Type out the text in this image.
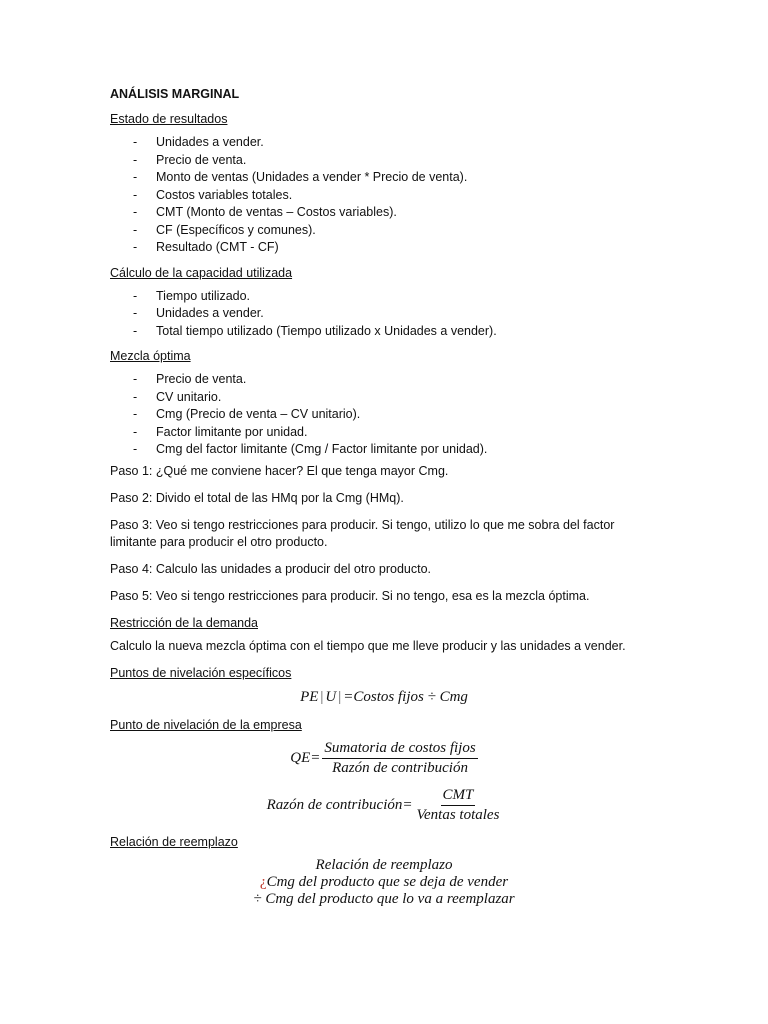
ANÁLISIS MARGINAL
Estado de resultados
- Unidades a vender.
- Precio de venta.
- Monto de ventas (Unidades a vender * Precio de venta).
- Costos variables totales.
- CMT (Monto de ventas – Costos variables).
- CF (Específicos y comunes).
- Resultado (CMT - CF)
Cálculo de la capacidad utilizada
- Tiempo utilizado.
- Unidades a vender.
- Total tiempo utilizado (Tiempo utilizado x Unidades a vender).
Mezcla óptima
- Precio de venta.
- CV unitario.
- Cmg (Precio de venta – CV unitario).
- Factor limitante por unidad.
- Cmg del factor limitante (Cmg / Factor limitante por unidad).

Paso 1: ¿Qué me conviene hacer? El que tenga mayor Cmg.

Paso 2: Divido el total de las HMq por la Cmg (HMq).

Paso 3: Veo si tengo restricciones para producir. Si tengo, utilizo lo que me sobra del factor limitante para producir el otro producto.

Paso 4: Calculo las unidades a producir del otro producto.

Paso 5: Veo si tengo restricciones para producir. Si no tengo, esa es la mezcla óptima.

Restricción de la demanda

Calculo la nueva mezcla óptima con el tiempo que me lleve producir y las unidades a vender.

Puntos de nivelación específicos
PE | U | =Costos fijos ÷ Cmg
Punto de nivelación de la empresa
$QE= \frac{\text{Sumatoria de costos fijos}}{\text{Razón de contribución}}$
Razón de contribución= $\frac{\text{CMT}}{\text{Ventas totales}}$
Relación de reemplazo
Relación de reemplazo
¿Cmg del producto que se deja de vender
÷ Cmg del producto que lo va a reemplazar
